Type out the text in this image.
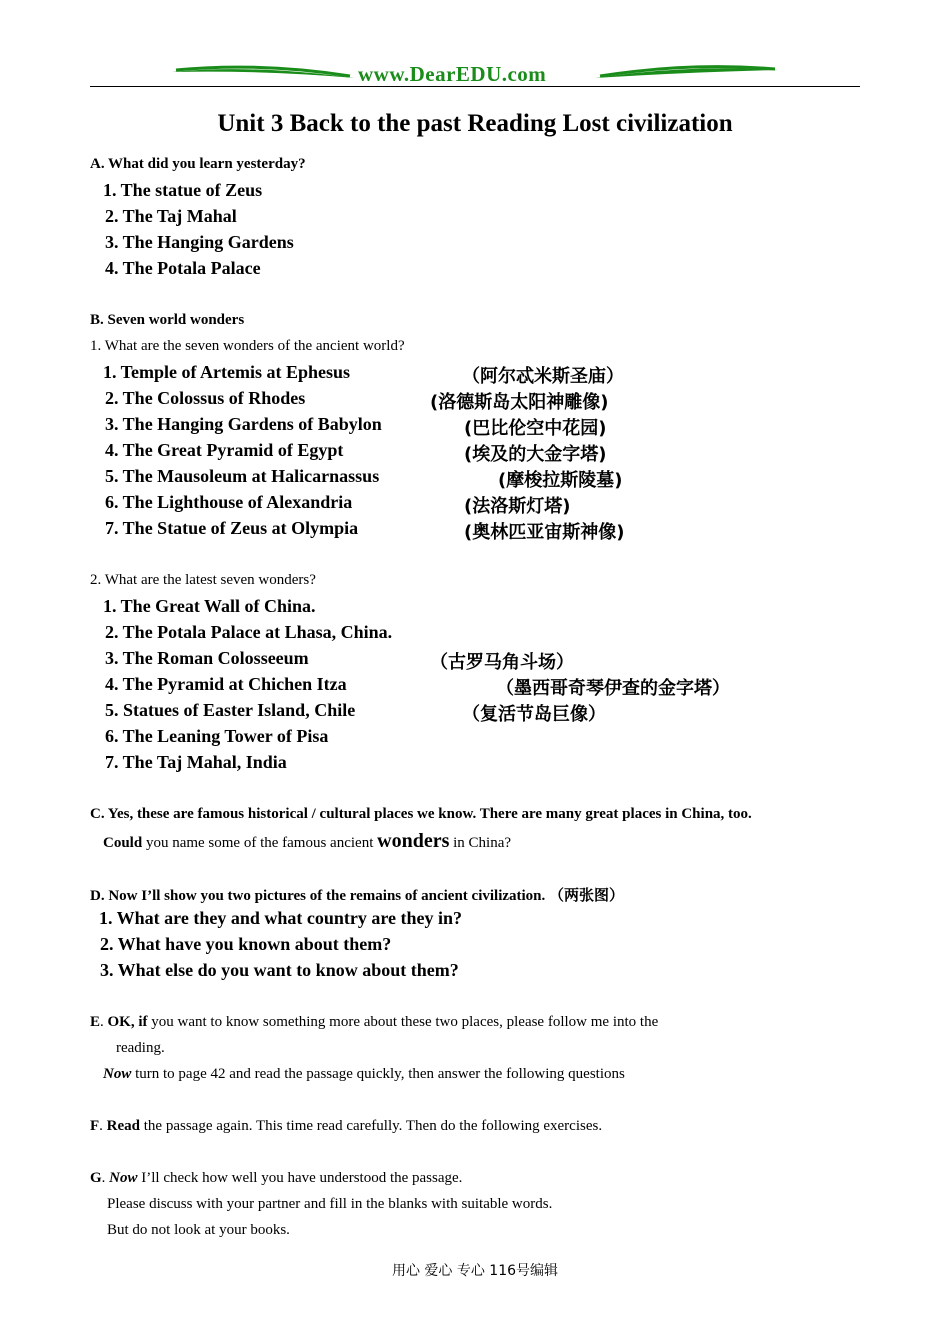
www.DearEDU.com
Unit 3 Back to the past Reading Lost civilization
A. What did you learn yesterday?
1. The statue of Zeus
2. The Taj Mahal
3. The Hanging Gardens
4. The Potala Palace
B. Seven world wonders
1. What are the seven wonders of the ancient world?
1. Temple of Artemis at Ephesus	（阿尔忒米斯圣庙）
2. The Colossus of Rhodes	(洛德斯岛太阳神雕像)
3. The Hanging Gardens of Babylon	(巴比伦空中花园)
4. The Great Pyramid of Egypt	(埃及的大金字塔)
5. The Mausoleum at Halicarnassus	(摩梭拉斯陵墓)
6. The Lighthouse of Alexandria	(法洛斯灯塔)
7. The Statue of Zeus at Olympia	(奥林匹亚宙斯神像)
2. What are the latest seven wonders?
1. The Great Wall of China.
2. The Potala Palace at Lhasa, China.
3. The Roman Colosseeum	（古罗马角斗场）
4. The Pyramid at Chichen Itza	（墨西哥奇琴伊查的金字塔）
5. Statues of Easter Island, Chile	（复活节岛巨像）
6. The Leaning Tower of Pisa
7. The Taj Mahal, India
C. Yes, these are famous historical / cultural places we know. There are many great places in China, too.
Could you name some of the famous ancient wonders in China?
D. Now I’ll show you two pictures of the remains of ancient civilization. （两张图）
1. What are they and what country are they in?
2. What have you known about them?
3. What else do you want to know about them?
E. OK, if you want to know something more about these two places, please follow me into the
reading.
Now turn to page 42 and read the passage quickly, then answer the following questions
F. Read the passage again. This time read carefully. Then do the following exercises.
G. Now I’ll check how well you have understood the passage.
Please discuss with your partner and fill in the blanks with suitable words.
But do not look at your books.
用心 爱心 专心 116号编辑
